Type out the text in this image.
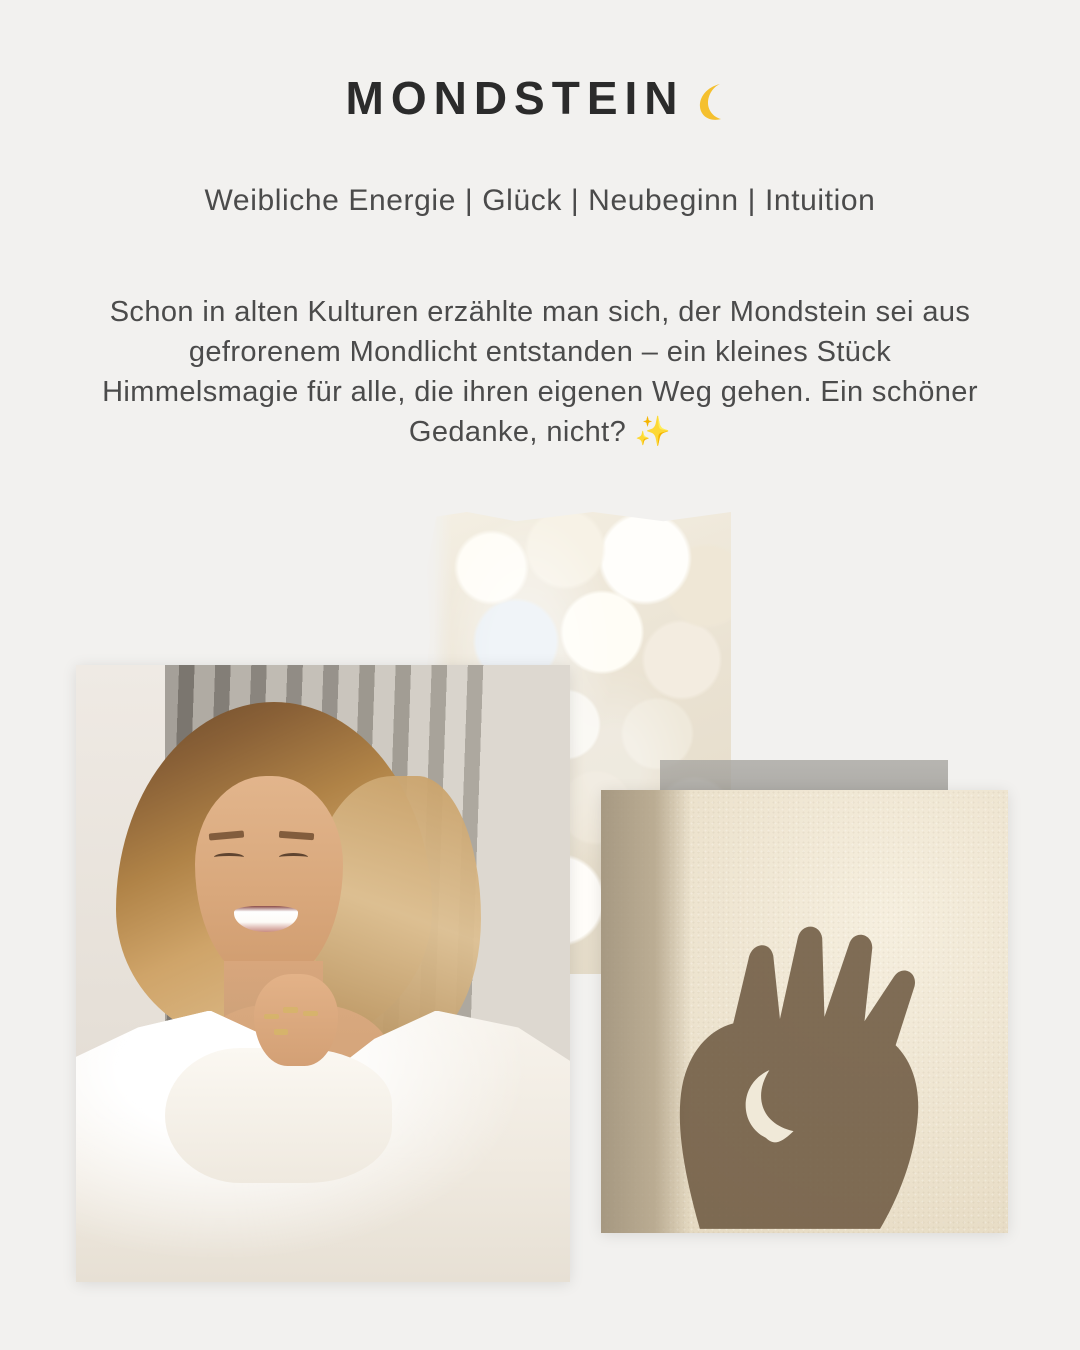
MONDSTEIN
Weibliche Energie | Glück | Neubeginn | Intuition
Schon in alten Kulturen erzählte man sich, der Mondstein sei aus gefrorenem Mondlicht entstanden – ein kleines Stück Himmelsmagie für alle, die ihren eigenen Weg gehen. Ein schöner Gedanke, nicht? ✨
